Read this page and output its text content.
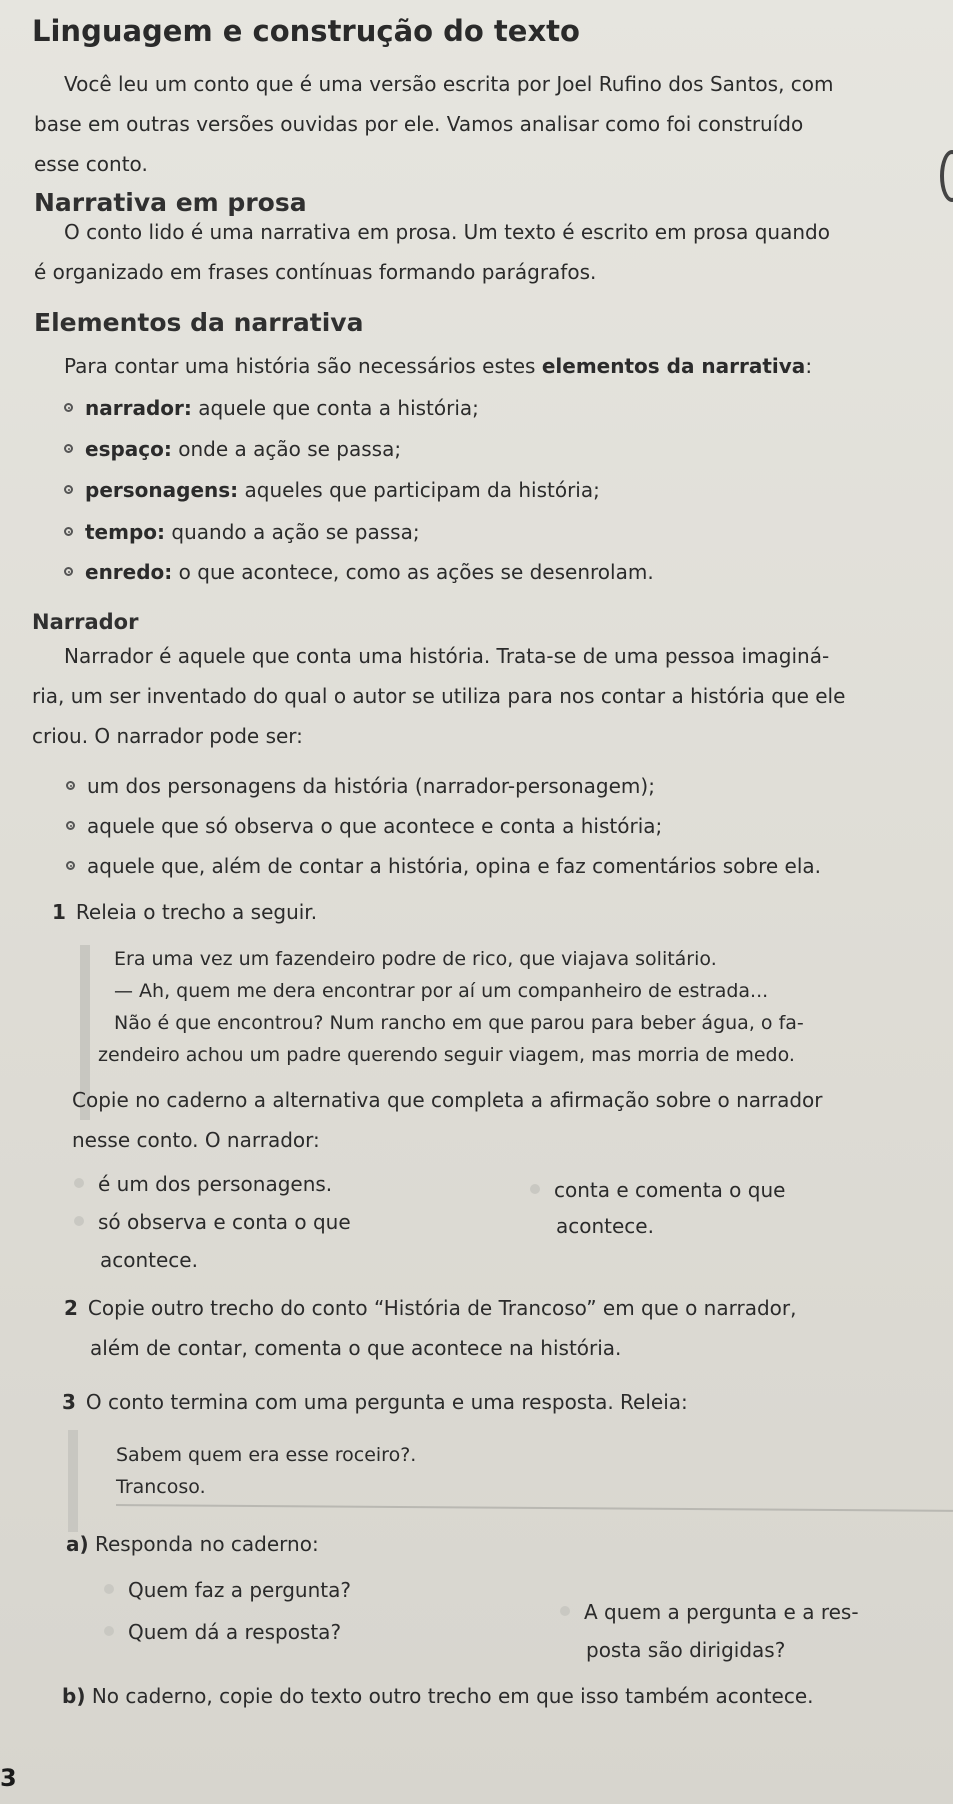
Linguagem e construção do texto
Você leu um conto que é uma versão escrita por Joel Rufino dos Santos, com
base em outras versões ouvidas por ele. Vamos analisar como foi construído
esse conto.
Narrativa em prosa
O conto lido é uma narrativa em prosa. Um texto é escrito em prosa quando
é organizado em frases contínuas formando parágrafos.
Elementos da narrativa
Para contar uma história são necessários estes elementos da narrativa:
narrador: aquele que conta a história;
espaço: onde a ação se passa;
personagens: aqueles que participam da história;
tempo: quando a ação se passa;
enredo: o que acontece, como as ações se desenrolam.
Narrador
Narrador é aquele que conta uma história. Trata-se de uma pessoa imaginá-
ria, um ser inventado do qual o autor se utiliza para nos contar a história que ele
criou. O narrador pode ser:
um dos personagens da história (narrador-personagem);
aquele que só observa o que acontece e conta a história;
aquele que, além de contar a história, opina e faz comentários sobre ela.
1 Releia o trecho a seguir.
Era uma vez um fazendeiro podre de rico, que viajava solitário.
— Ah, quem me dera encontrar por aí um companheiro de estrada...
Não é que encontrou? Num rancho em que parou para beber água, o fa-
zendeiro achou um padre querendo seguir viagem, mas morria de medo.
Copie no caderno a alternativa que completa a afirmação sobre o narrador
nesse conto. O narrador:
é um dos personagens.
só observa e conta o que
acontece.
conta e comenta o que
acontece.
2 Copie outro trecho do conto “História de Trancoso” em que o narrador,
além de contar, comenta o que acontece na história.
3 O conto termina com uma pergunta e uma resposta. Releia:
Sabem quem era esse roceiro?.
Trancoso.
a) Responda no caderno:
Quem faz a pergunta?
Quem dá a resposta?
A quem a pergunta e a res-
posta são dirigidas?
b) No caderno, copie do texto outro trecho em que isso também acontece.
3
